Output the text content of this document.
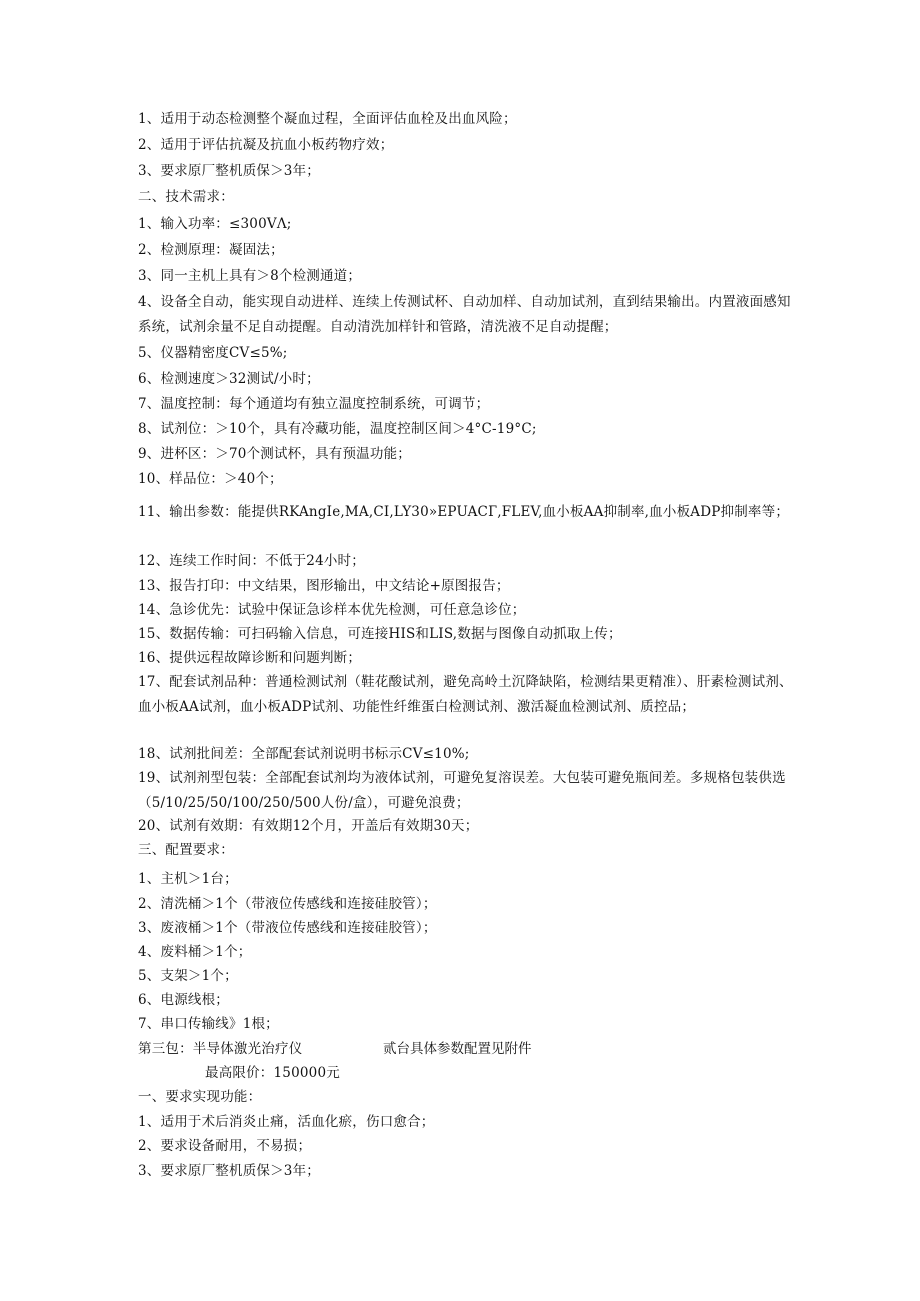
1、适用于动态检测整个凝血过程，全面评估血栓及出血风险；
2、适用于评估抗凝及抗血小板药物疗效；
3、要求原厂整机质保＞3年；
二、技术需求：
1、输入功率：≤300VΛ;
2、检测原理：凝固法；
3、同一主机上具有＞8个检测通道；
4、设备全自动，能实现自动进样、连续上传测试杯、自动加样、自动加试剂，直到结果输出。内置液面感知系统，试剂余量不足自动提醒。自动清洗加样针和管路，清洗液不足自动提醒；
5、仪器精密度CV≤5%;
6、检测速度＞32测试/小时；
7、温度控制：每个通道均有独立温度控制系统，可调节；
8、试剂位：＞10个，具有冷藏功能，温度控制区间＞4°C-19°C;
9、进杯区：＞70个测试杯，具有预温功能；
10、样品位：＞40个；
11、输出参数：能提供RKAngIe,MA,CI,LY30»EPUACГ,FLEV,血小板AA抑制率,血小板ADP抑制率等；
12、连续工作时间：不低于24小时；
13、报告打印：中文结果，图形输出，中文结论+原图报告；
14、急诊优先：试验中保证急诊样本优先检测，可任意急诊位；
15、数据传输：可扫码输入信息，可连接HIS和LIS,数据与图像自动抓取上传；
16、提供远程故障诊断和问题判断；
17、配套试剂品种：普通检测试剂（鞋花酸试剂，避免高岭土沉降缺陷，检测结果更精准）、肝素检测试剂、血小板AA试剂，血小板ADP试剂、功能性纤维蛋白检测试剂、激活凝血检测试剂、质控品；
18、试剂批间差：全部配套试剂说明书标示CV≤10%;
19、试剂剂型包装：全部配套试剂均为液体试剂，可避免复溶误差。大包装可避免瓶间差。多规格包装供选（5/10/25/50/100/250/500人份/盒），可避免浪费；
20、试剂有效期：有效期12个月，开盖后有效期30天；
三、配置要求：
1、主机＞1台；
2、清洗桶＞1个（带液位传感线和连接硅胶管）；
3、废液桶＞1个（带液位传感线和连接硅胶管）；
4、废料桶＞1个；
5、支架＞1个；
6、电源线根；
7、串口传输线》1根；
第三包：半导体激光治疗仪	贰台具体参数配置见附件
最高限价：150000元
一、要求实现功能：
1、适用于术后消炎止痛，活血化瘀，伤口愈合；
2、要求设备耐用，不易损；
3、要求原厂整机质保＞3年；
